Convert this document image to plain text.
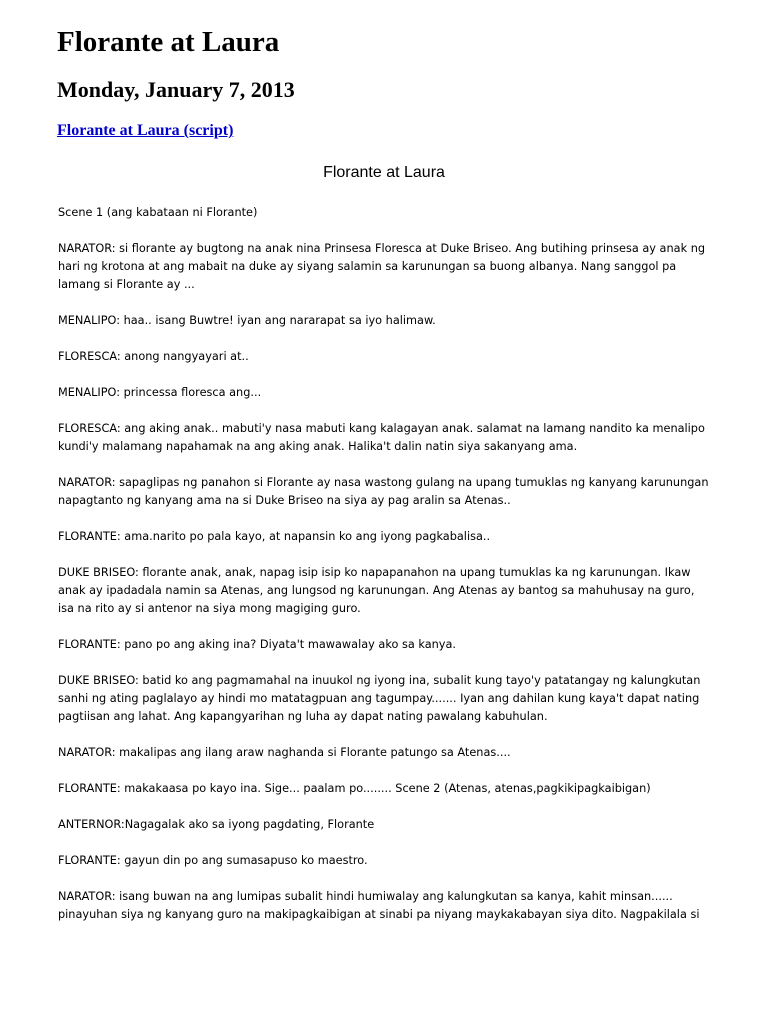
Florante at Laura
Monday, January 7, 2013
Florante at Laura (script)
Florante at Laura

Scene 1 (ang kabataan ni Florante)

NARATOR: si florante ay bugtong na anak nina Prinsesa Floresca at Duke Briseo. Ang butihing prinsesa ay anak ng hari ng krotona at ang mabait na duke ay siyang salamin sa karunungan sa buong albanya. Nang sanggol pa lamang si Florante ay ...

MENALIPO: haa.. isang Buwtre! iyan ang nararapat sa iyo halimaw.

FLORESCA: anong nangyayari at..

MENALIPO: princessa floresca ang...

FLORESCA: ang aking anak.. mabuti'y nasa mabuti kang kalagayan anak. salamat na lamang nandito ka menalipo kundi'y malamang napahamak na ang aking anak. Halika't dalin natin siya sakanyang ama.

NARATOR: sapaglipas ng panahon si Florante ay nasa wastong gulang na upang tumuklas ng kanyang karunungan napagtanto ng kanyang ama na si Duke Briseo na siya ay pag aralin sa Atenas..

FLORANTE: ama.narito po pala kayo, at napansin ko ang iyong pagkabalisa..

DUKE BRISEO: florante anak, anak, napag isip isip ko napapanahon na upang tumuklas ka ng karunungan. Ikaw anak ay ipadadala namin sa Atenas, ang lungsod ng karunungan. Ang Atenas ay bantog sa mahuhusay na guro, isa na rito ay si antenor na siya mong magiging guro.

FLORANTE: pano po ang aking ina? Diyata't mawawalay ako sa kanya.

DUKE BRISEO: batid ko ang pagmamahal na inuukol ng iyong ina, subalit kung tayo'y patatangay ng kalungkutan sanhi ng ating paglalayo ay hindi mo matatagpuan ang tagumpay....... Iyan ang dahilan kung kaya't dapat nating pagtiisan ang lahat. Ang kapangyarihan ng luha ay dapat nating pawalang kabuhulan.

NARATOR: makalipas ang ilang araw naghanda si Florante patungo sa Atenas....

FLORANTE: makakaasa po kayo ina. Sige... paalam po........ Scene 2 (Atenas, atenas,pagkikipagkaibigan)

ANTERNOR:Nagagalak ako sa iyong pagdating, Florante

FLORANTE: gayun din po ang sumasapuso ko maestro.

NARATOR: isang buwan na ang lumipas subalit hindi humiwalay ang kalungkutan sa kanya, kahit minsan...... pinayuhan siya ng kanyang guro na makipagkaibigan at sinabi pa niyang maykakabayan siya dito. Nagpakilala si
